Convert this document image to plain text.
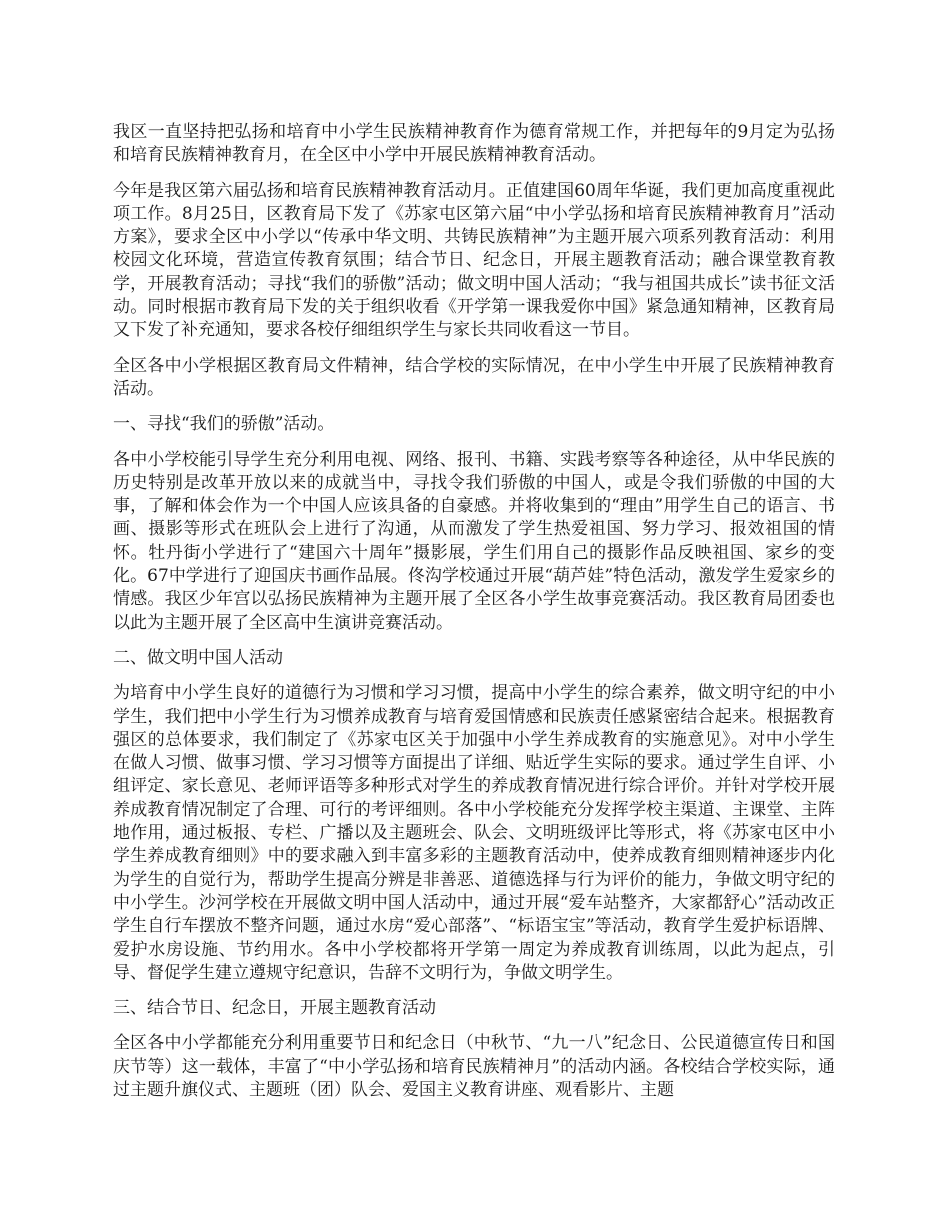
我区一直坚持把弘扬和培育中小学生民族精神教育作为德育常规工作，并把每年的9月定为弘扬和培育民族精神教育月，在全区中小学中开展民族精神教育活动。

今年是我区第六届弘扬和培育民族精神教育活动月。正值建国60周年华诞，我们更加高度重视此项工作。8月25日，区教育局下发了《苏家屯区第六届“中小学弘扬和培育民族精神教育月”活动方案》，要求全区中小学以“传承中华文明、共铸民族精神”为主题开展六项系列教育活动：利用校园文化环境，营造宣传教育氛围；结合节日、纪念日，开展主题教育活动；融合课堂教育教学，开展教育活动；寻找“我们的骄傲”活动；做文明中国人活动；“我与祖国共成长”读书征文活动。同时根据市教育局下发的关于组织收看《开学第一课我爱你中国》紧急通知精神，区教育局又下发了补充通知，要求各校仔细组织学生与家长共同收看这一节目。

全区各中小学根据区教育局文件精神，结合学校的实际情况，在中小学生中开展了民族精神教育活动。

一、寻找“我们的骄傲”活动。

各中小学校能引导学生充分利用电视、网络、报刊、书籍、实践考察等各种途径，从中华民族的历史特别是改革开放以来的成就当中，寻找令我们骄傲的中国人，或是令我们骄傲的中国的大事，了解和体会作为一个中国人应该具备的自豪感。并将收集到的“理由”用学生自己的语言、书画、摄影等形式在班队会上进行了沟通，从而激发了学生热爱祖国、努力学习、报效祖国的情怀。牡丹街小学进行了“建国六十周年”摄影展，学生们用自己的摄影作品反映祖国、家乡的变化。67中学进行了迎国庆书画作品展。佟沟学校通过开展“葫芦娃”特色活动，激发学生爱家乡的情感。我区少年宫以弘扬民族精神为主题开展了全区各小学生故事竞赛活动。我区教育局团委也以此为主题开展了全区高中生演讲竞赛活动。

二、做文明中国人活动

为培育中小学生良好的道德行为习惯和学习习惯，提高中小学生的综合素养，做文明守纪的中小学生，我们把中小学生行为习惯养成教育与培育爱国情感和民族责任感紧密结合起来。根据教育强区的总体要求，我们制定了《苏家屯区关于加强中小学生养成教育的实施意见》。对中小学生在做人习惯、做事习惯、学习习惯等方面提出了详细、贴近学生实际的要求。通过学生自评、小组评定、家长意见、老师评语等多种形式对学生的养成教育情况进行综合评价。并针对学校开展养成教育情况制定了合理、可行的考评细则。各中小学校能充分发挥学校主渠道、主课堂、主阵地作用，通过板报、专栏、广播以及主题班会、队会、文明班级评比等形式，将《苏家屯区中小学生养成教育细则》中的要求融入到丰富多彩的主题教育活动中，使养成教育细则精神逐步内化为学生的自觉行为，帮助学生提高分辨是非善恶、道德选择与行为评价的能力，争做文明守纪的中小学生。沙河学校在开展做文明中国人活动中，通过开展“爱车站整齐，大家都舒心”活动改正学生自行车摆放不整齐问题，通过水房“爱心部落”、“标语宝宝”等活动，教育学生爱护标语牌、爱护水房设施、节约用水。各中小学校都将开学第一周定为养成教育训练周，以此为起点，引导、督促学生建立遵规守纪意识，告辞不文明行为，争做文明学生。

三、结合节日、纪念日，开展主题教育活动

全区各中小学都能充分利用重要节日和纪念日（中秋节、“九一八”纪念日、公民道德宣传日和国庆节等）这一载体，丰富了“中小学弘扬和培育民族精神月”的活动内涵。各校结合学校实际，通过主题升旗仪式、主题班（团）队会、爱国主义教育讲座、观看影片、主题
